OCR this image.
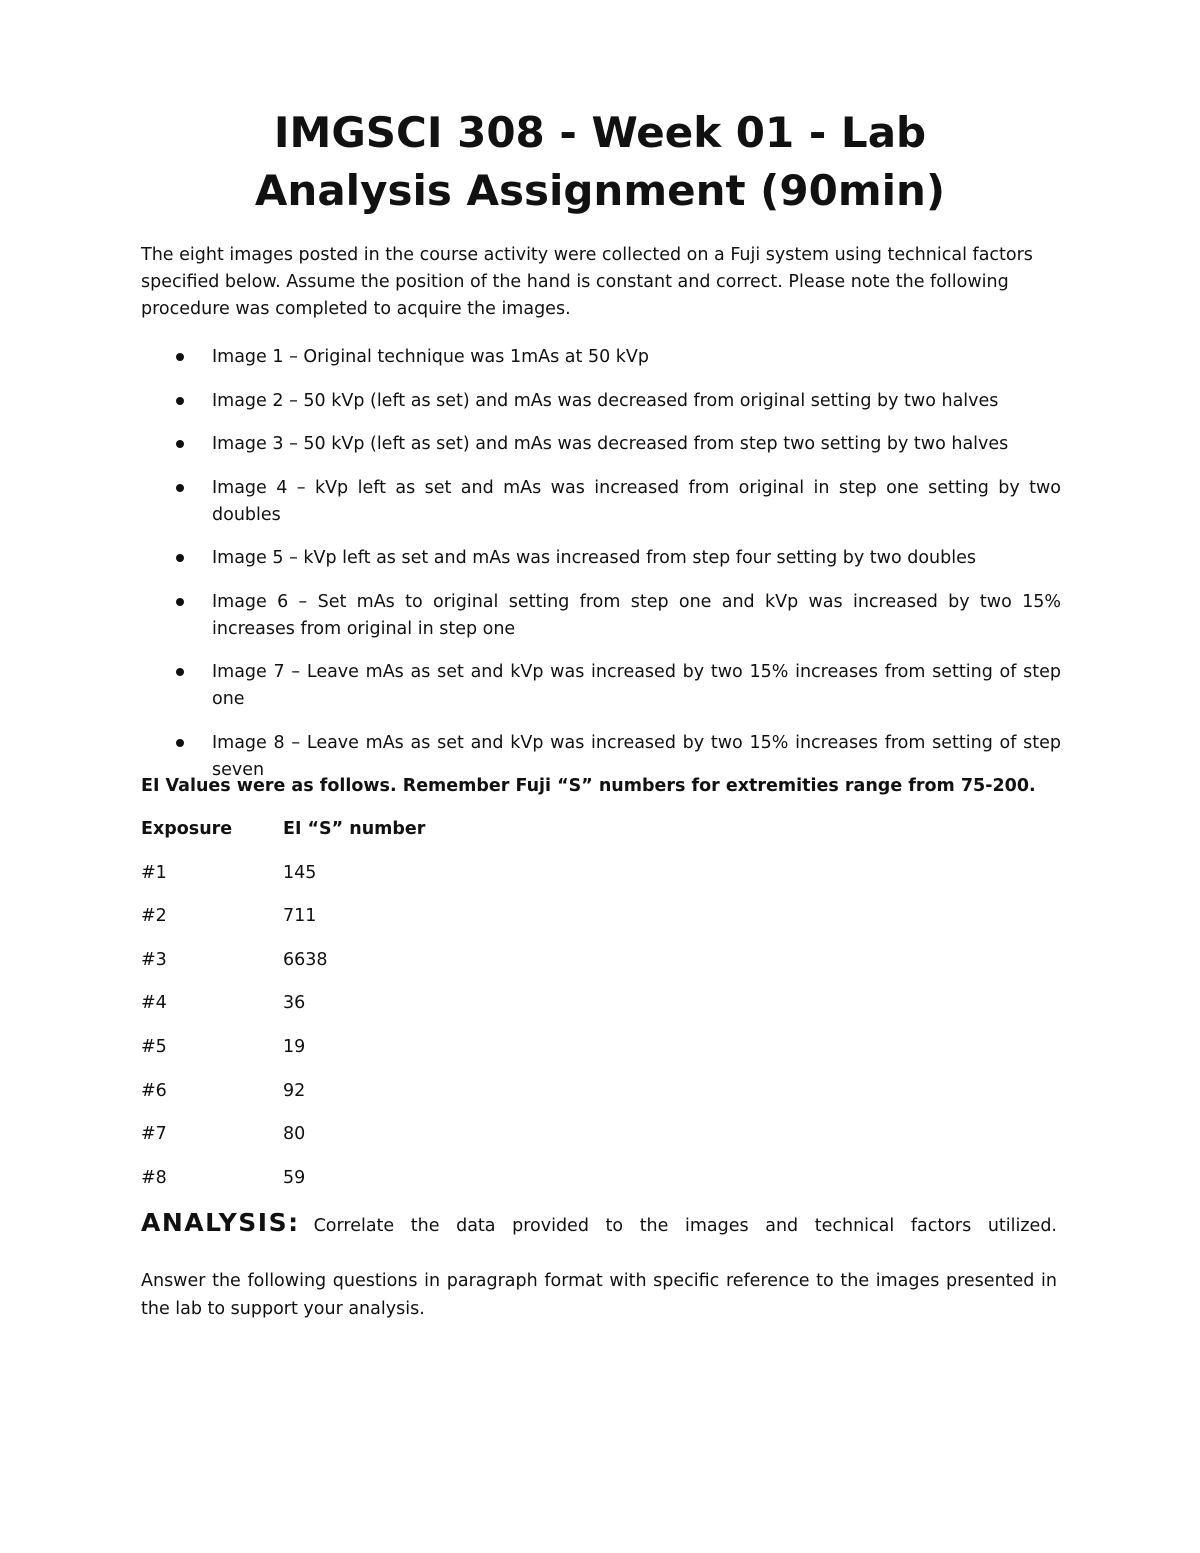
IMGSCI 308 - Week 01 - Lab
Analysis Assignment (90min)

The eight images posted in the course activity were collected on a Fuji system using technical factors specified below. Assume the position of the hand is constant and correct. Please note the following procedure was completed to acquire the images.

Image 1 – Original technique was 1mAs at 50 kVp
Image 2 – 50 kVp (left as set) and mAs was decreased from original setting by two halves
Image 3 – 50 kVp (left as set) and mAs was decreased from step two setting by two halves
Image 4 – kVp left as set and mAs was increased from original in step one setting by two doubles
Image 5 – kVp left as set and mAs was increased from step four setting by two doubles
Image 6 – Set mAs to original setting from step one and kVp was increased by two 15% increases from original in step one
Image 7 – Leave mAs as set and kVp was increased by two 15% increases from setting of step one
Image 8 – Leave mAs as set and kVp was increased by two 15% increases from setting of step seven

EI Values were as follows. Remember Fuji “S” numbers for extremities range from 75-200.

Exposure	EI “S” number
#1	145
#2	711
#3	6638
#4	36
#5	19
#6	92
#7	80
#8	59
ANALYSIS: Correlate the data provided to the images and technical factors utilized.

Answer the following questions in paragraph format with specific reference to the images presented in the lab to support your analysis.
